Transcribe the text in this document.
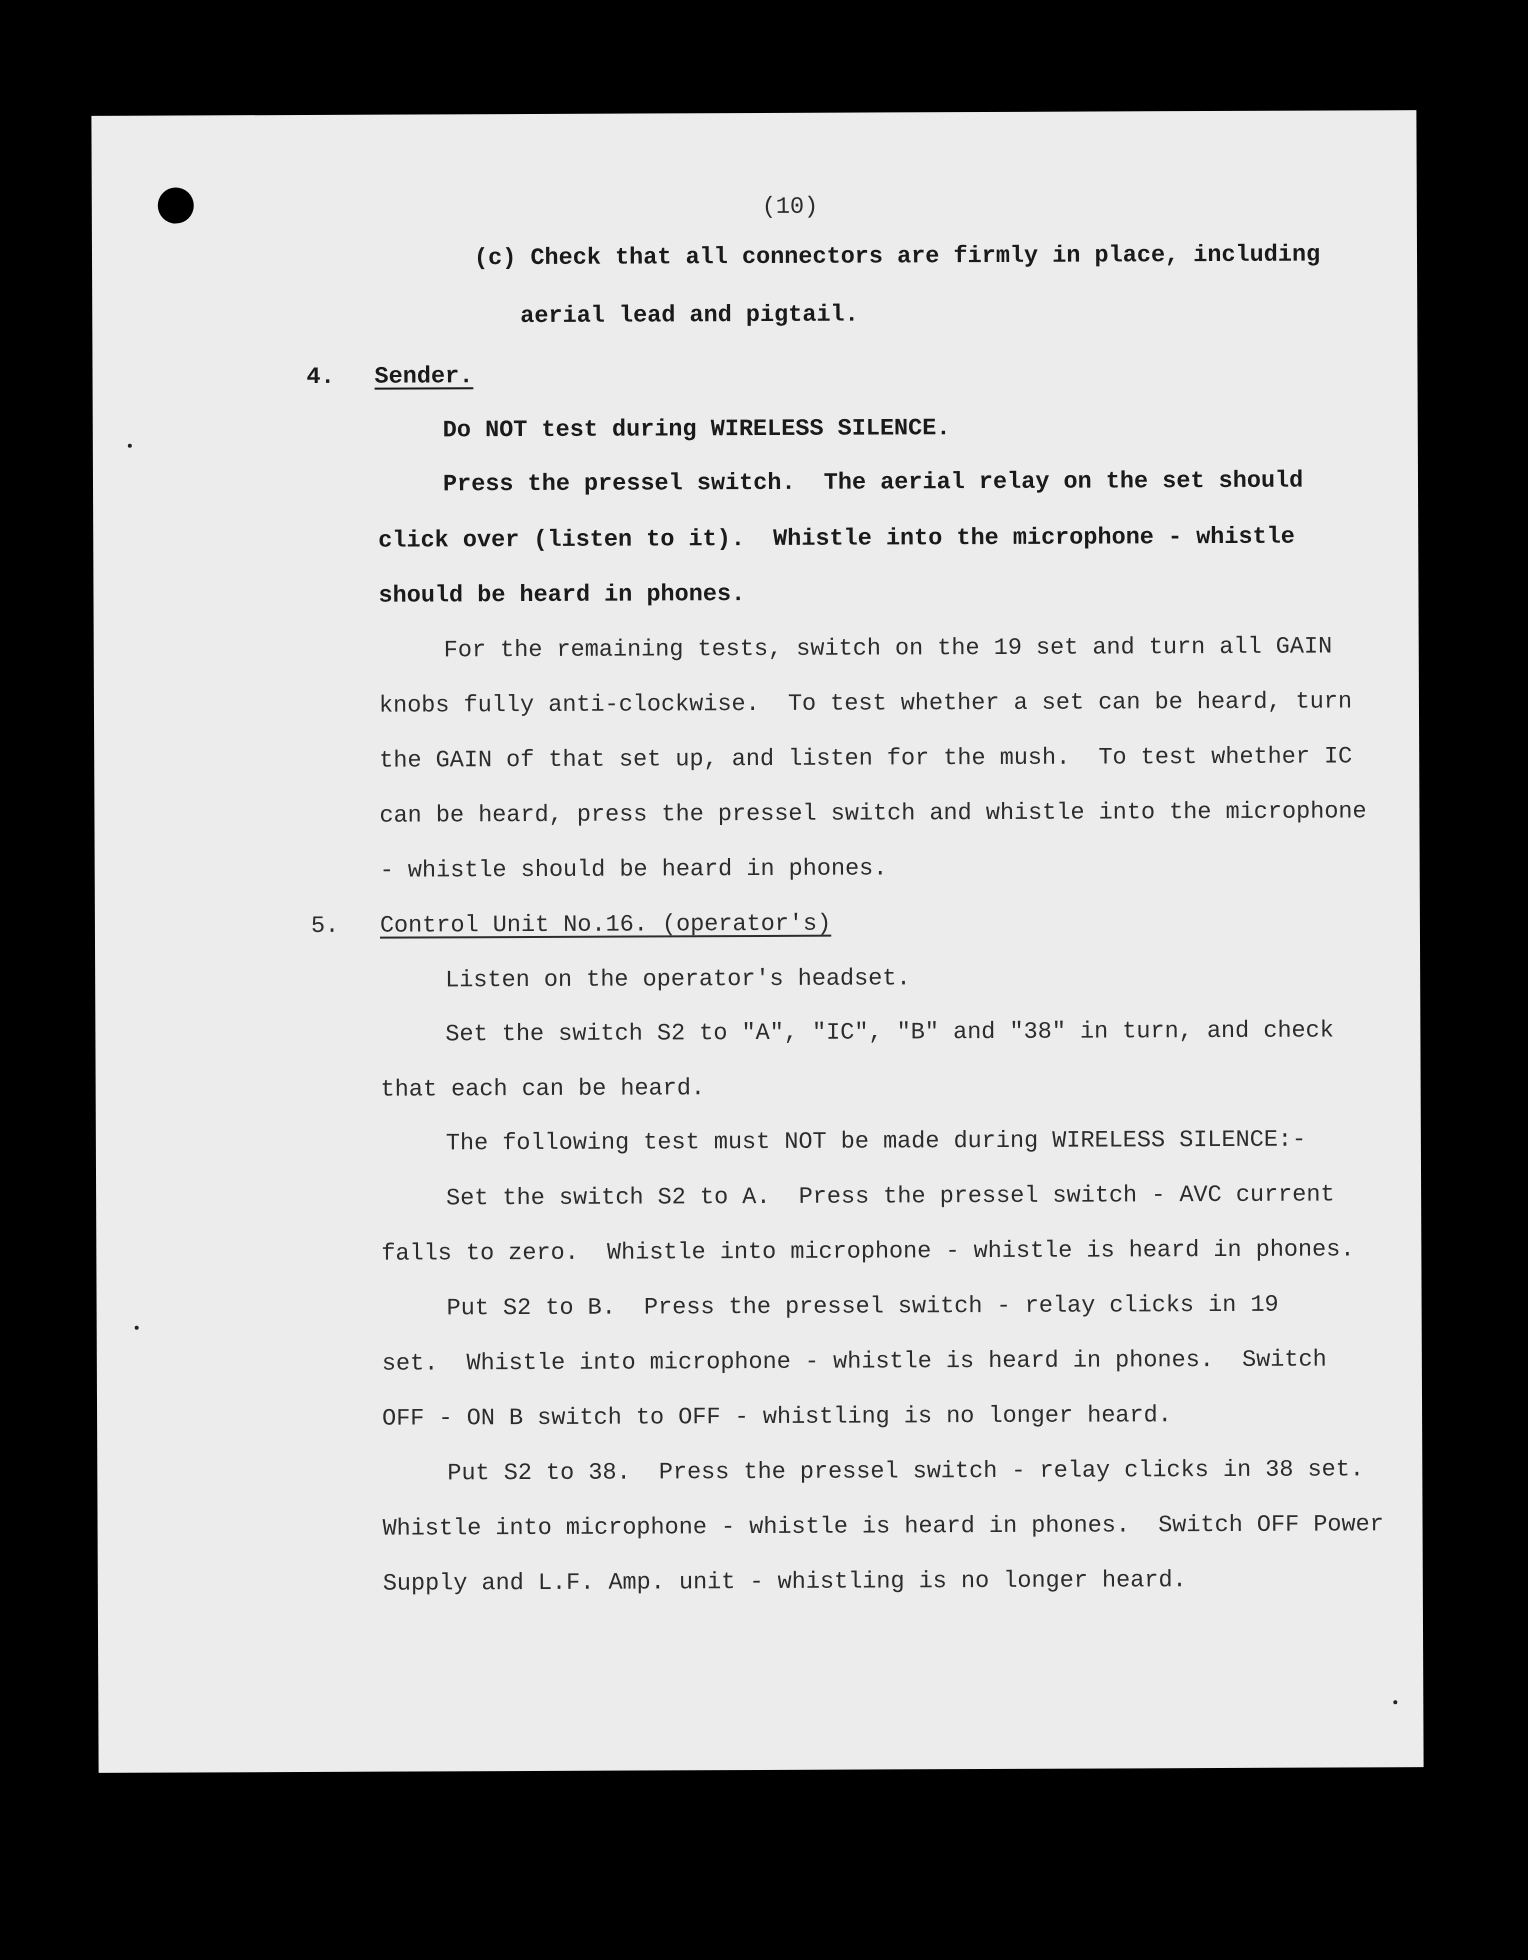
(10)

(c) Check that all connectors are firmly in place, including

aerial lead and pigtail.

4. Sender.

Do NOT test during WIRELESS SILENCE.

Press the pressel switch.  The aerial relay on the set should

click over (listen to it).  Whistle into the microphone - whistle

should be heard in phones.

For the remaining tests, switch on the 19 set and turn all GAIN

knobs fully anti-clockwise.  To test whether a set can be heard, turn

the GAIN of that set up, and listen for the mush.  To test whether IC

can be heard, press the pressel switch and whistle into the microphone

- whistle should be heard in phones.

5. Control Unit No.16. (operator's)

Listen on the operator's headset.

Set the switch S2 to "A", "IC", "B" and "38" in turn, and check

that each can be heard.

The following test must NOT be made during WIRELESS SILENCE:-

Set the switch S2 to A.  Press the pressel switch - AVC current

falls to zero.  Whistle into microphone - whistle is heard in phones.

Put S2 to B.  Press the pressel switch - relay clicks in 19

set.  Whistle into microphone - whistle is heard in phones.  Switch

OFF - ON B switch to OFF - whistling is no longer heard.

Put S2 to 38.  Press the pressel switch - relay clicks in 38 set.

Whistle into microphone - whistle is heard in phones.  Switch OFF Power

Supply and L.F. Amp. unit - whistling is no longer heard.
